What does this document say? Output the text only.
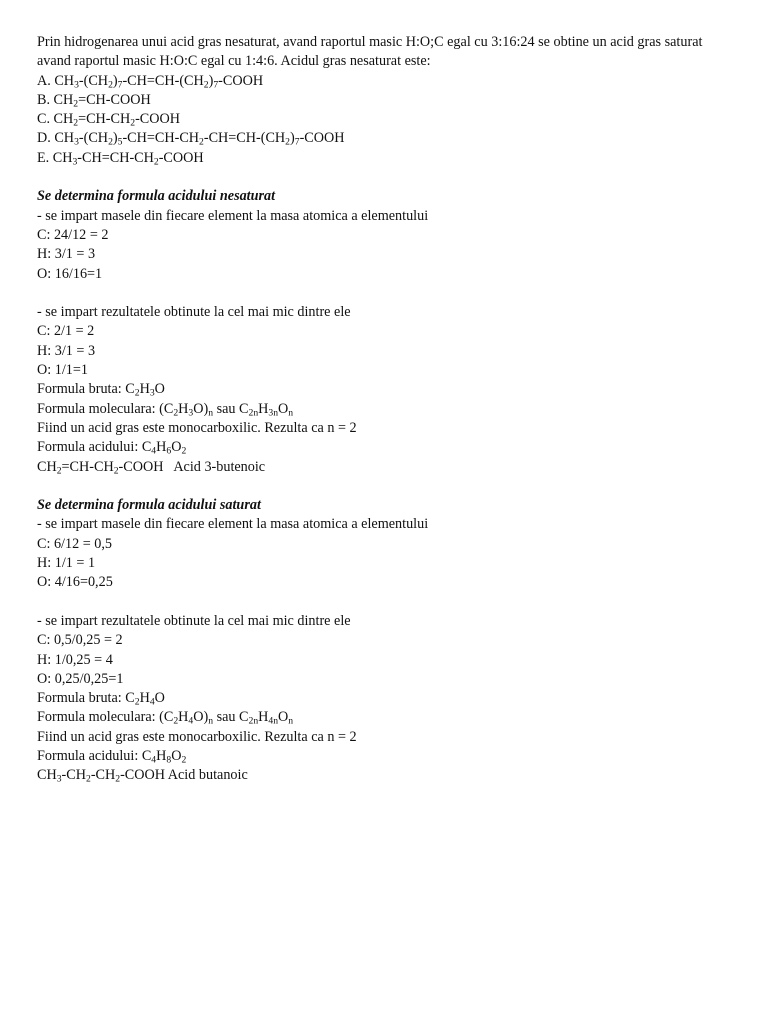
Prin hidrogenarea unui acid gras nesaturat, avand raportul masic H:O;C egal cu 3:16:24 se obtine un acid gras saturat avand raportul masic H:O:C egal cu 1:4:6. Acidul gras nesaturat este:
A. $CH_3-(CH_2)_7-CH=CH-(CH_2)_7$-COOH
B. $CH_2=CH$-COOH
C. $CH_2=CH-CH_2$-COOH
D. $CH_3-(CH_2)_5-CH=CH-CH_2-CH=CH-(CH_2)_7$-COOH
E. $CH_3-CH=CH-CH_2$-COOH
Se determina formula acidului nesaturat
- se impart masele din fiecare element la masa atomica a elementului
C: 24/12 = 2
H: 3/1 = 3
O: 16/16=1
- se impart rezultatele obtinute la cel mai mic dintre ele
C: 2/1 = 2
H: 3/1 = 3
O: 1/1=1
Formula bruta: $C_2H_3O$
Formula moleculara: $(C_2H_3O)_n$ sau $C_{2n}H_{3n}O_n$
Fiind un acid gras este monocarboxilic. Rezulta ca n = 2
Formula acidului: $C_4H_6O_2$
$CH_2=CH-CH_2$-COOH   Acid 3-butenoic
Se determina formula acidului saturat
- se impart masele din fiecare element la masa atomica a elementului
C: 6/12 = 0,5
H: 1/1 = 1
O: 4/16=0,25
- se impart rezultatele obtinute la cel mai mic dintre ele
C: 0,5/0,25 = 2
H: 1/0,25 = 4
O: 0,25/0,25=1
Formula bruta: $C_2H_4O$
Formula moleculara: $(C_2H_4O)_n$ sau $C_{2n}H_{4n}O_n$
Fiind un acid gras este monocarboxilic. Rezulta ca n = 2
Formula acidului: $C_4H_8O_2$
$CH_3-CH_2-CH_2$-COOH Acid butanoic
